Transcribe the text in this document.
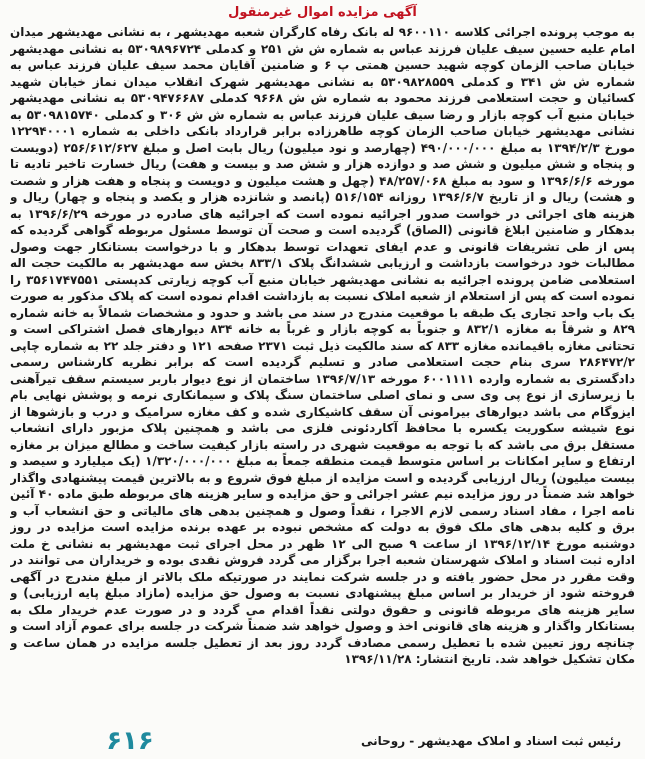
آگهی مزایده اموال غیرمنقول
به موجب پرونده اجرائی کلاسه ۹۶۰۰۱۱۰ له بانک رفاه کارگران شعبه مهدیشهر ، به نشانی مهدیشهر میدان امام علیه حسین سیف علیان فرزند عباس به شماره ش ش ۲۵۱ و کدملی ۵۳۰۹۸۹۶۷۲۴ به نشانی مهدیشهر خیابان صاحب الزمان کوچه شهید حسین همتی پ ۶ و ضامنین آقایان محمد سیف علیان فرزند عباس به شماره ش ش ۳۴۱ و کدملی ۵۳۰۹۸۲۸۵۵۹ به نشانی مهدیشهر شهرک انقلاب میدان نماز خیابان شهید کسائیان و حجت استعلامی فرزند محمود به شماره ش ش ۹۶۶۸ کدملی ۵۳۰۹۴۷۶۶۸۷ به نشانی مهدیشهر خیابان منبع آب کوچه بازار و رضا سیف علیان فرزند عباس به شماره ش ش ۳۰۶ و کدملی ۵۳۰۹۸۱۵۷۴۰ به نشانی مهدیشهر خیابان صاحب الزمان کوچه طاهرزاده برابر قرارداد بانکی داخلی به شماره ۱۲۲۹۴۰۰۰۱ مورخ ۱۳۹۴/۲/۳ به مبلغ ۴۹۰/۰۰۰/۰۰۰ (چهارصد و نود میلیون) ریال بابت اصل و مبلغ ۲۵۶/۶۱۲/۶۲۷ (دویست و پنجاه و شش میلیون و شش صد و دوازده هزار و شش صد و بیست و هفت) ریال خسارت تاخیر تادیه تا مورخه ۱۳۹۶/۶/۶ و سود به مبلغ ۴۸/۲۵۷/۰۶۸ (چهل و هشت میلیون و دویست و پنجاه و هفت هزار و شصت و هشت) ریال و از تاریخ ۱۳۹۶/۶/۷ روزانه ۵۱۶/۱۵۴ (پانصد و شانزده هزار و یکصد و پنجاه و چهار) ریال و هزینه های اجرائی در خواست صدور اجرائیه نموده است که اجرائیه های صادره در مورخه ۱۳۹۶/۶/۲۹ به بدهکار و ضامنین ابلاغ قانونی (الصاق) گردیده است و صحت آن توسط مسئول مربوطه گواهی گردیده که پس از طی تشریفات قانونی و عدم ایفای تعهدات توسط بدهکار و با درخواست بستانکار جهت وصول مطالبات خود درخواست بازداشت و ارزیابی ششدانگ پلاک ۸۳۳/۱ بخش سه مهدیشهر به مالکیت حجت اله استعلامی ضامن پرونده اجرائیه به نشانی مهدیشهر خیابان منبع آب کوچه زیارتی کدپستی ۳۵۶۱۷۴۷۵۵۱ را نموده است که پس از استعلام از شعبه املاک نسبت به بازداشت اقدام نموده است که پلاک مذکور به صورت یک باب واحد تجاری یک طبقه با موقعیت مندرج در سند می باشد و حدود و مشخصات شمالاً به خانه شماره ۸۲۹ و شرقاً به مغازه ۸۳۲/۱ و جنوباً به کوچه بازار و غرباً به خانه ۸۳۴ دیوارهای فصل اشتراکی است و تحتانی مغازه باقیمانده مغازه ۸۳۳ که سند مالکیت ذیل ثبت ۲۳۷۱ صفحه ۱۲۱ و دفتر جلد ۲۲ به شماره چاپی ۲۸۶۴۷۲/۲ سری بنام حجت استعلامی صادر و تسلیم گردیده است که برابر نظریه کارشناس رسمی دادگستری به شماره وارده ۶۰۰۱۱۱۱ مورخه ۱۳۹۶/۷/۱۳ ساختمان از نوع دیوار باربر سیستم سقف تیرآهنی با زیرسازی از نوع پی وی سی و نمای اصلی ساختمان سنگ پلاک و سیمانکاری نرمه و پوشش نهایی بام ایزوگام می باشد دیوارهای بیرامونی آن سقف کاشیکاری شده و کف مغازه سرامیک و درب و بازشوها از نوع شیشه سکوریت یکسره با محافظ آکاردئونی فلزی می باشد و همچنین پلاک مزبور دارای انشعاب مستقل برق می باشد که با توجه به موقعیت شهری در راسته بازار کیفیت ساخت و مطالع میزان بر مغازه ارتفاع و سایر امکانات بر اساس متوسط قیمت منطقه جمعاً به مبلغ ۱/۳۲۰/۰۰۰/۰۰۰ (یک میلیارد و سیصد و بیست میلیون) ریال ارزیابی گردیده و است مزایده از مبلغ فوق شروع و به بالاترین قیمت پیشنهادی واگذار خواهد شد ضمناً در روز مزایده نیم عشر اجرائی و حق مزایده و سایر هزینه های مربوطه طبق ماده ۴۰ آئین نامه اجرا ، مفاد اسناد رسمی لازم الاجرا ، نقداً وصول و همچنین بدهی های مالیاتی و حق انشعاب آب و برق و کلیه بدهی های ملک فوق به دولت که مشخص نبوده بر عهده برنده مزایده است مزایده در روز دوشنبه مورخ ۱۳۹۶/۱۲/۱۴ از ساعت ۹ صبح الی ۱۲ ظهر در محل اجرای ثبت مهدیشهر به نشانی خ ملت اداره ثبت اسناد و املاک شهرستان شعبه اجرا برگزار می گردد فروش نقدی بوده و خریداران می توانند در وقت مقرر در محل حضور یافته و در جلسه شرکت نمایند در صورتیکه ملک بالاتر از مبلغ مندرج در آگهی فروخته شود از خریدار بر اساس مبلغ پیشنهادی نسبت به وصول حق مزایده (مازاد مبلغ پایه ارزیابی) و سایر هزینه های مربوطه قانونی و حقوق دولتی نقداً اقدام می گردد و در صورت عدم خریدار ملک به بستانکار واگذار و هزینه های قانونی اخذ و وصول خواهد شد ضمناً شرکت در جلسه برای عموم آزاد است و چنانچه روز تعیین شده با تعطیل رسمی مصادف گردد روز بعد از تعطیل جلسه مزایده در همان ساعت و مکان تشکیل خواهد شد. تاریخ انتشار: ۱۳۹۶/۱۱/۲۸
رئیس ثبت اسناد و املاک مهدیشهر - روحانی
۶۱۶
